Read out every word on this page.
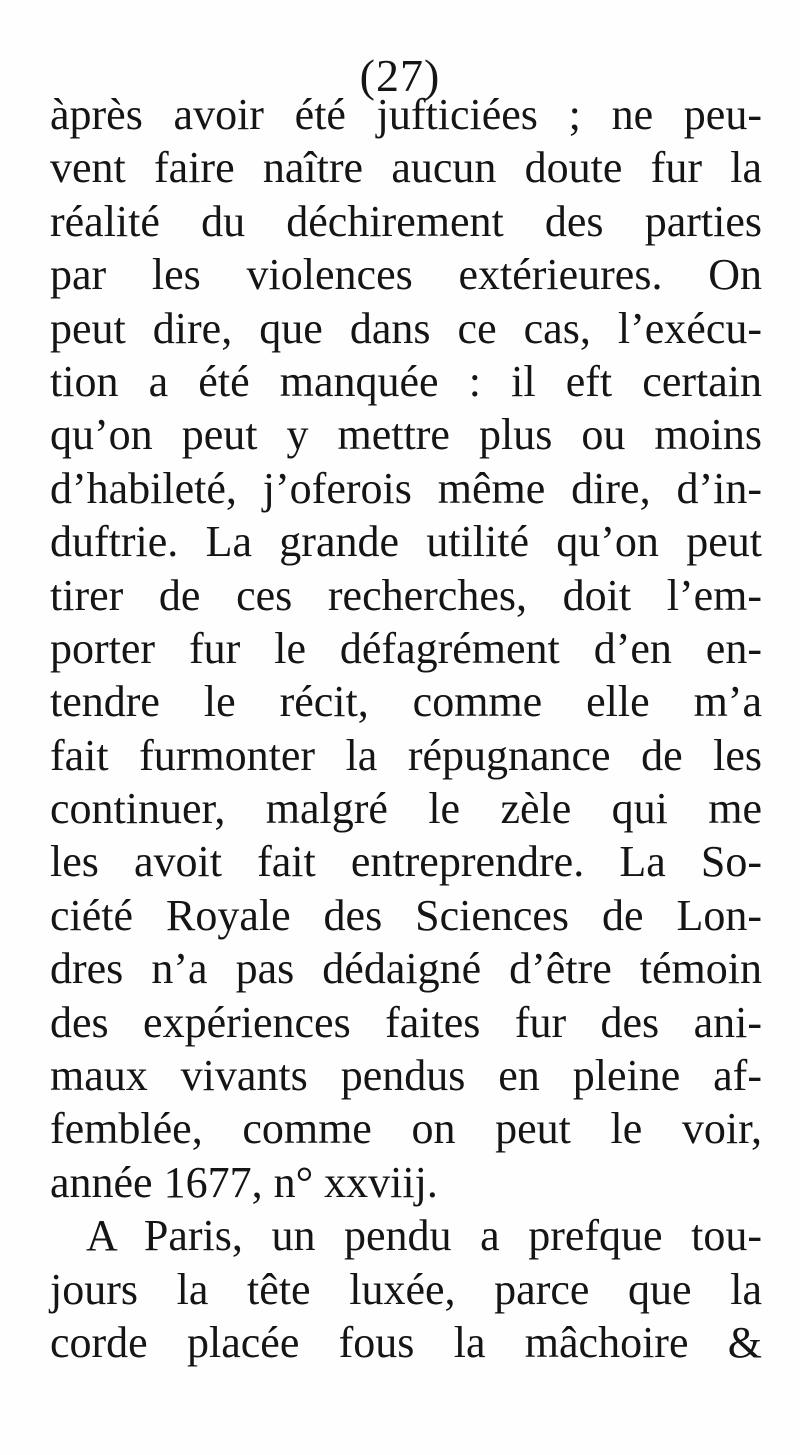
(27)
àprès avoir été jufticiées ; ne peu-
vent faire naître aucun doute fur la
réalité du déchirement des parties
par les violences extérieures. On
peut dire, que dans ce cas, l’exécu-
tion a été manquée : il eft certain
qu’on peut y mettre plus ou moins
d’habileté, j’oferois même dire, d’in-
duftrie. La grande utilité qu’on peut
tirer de ces recherches, doit l’em-
porter fur le défagrément d’en en-
tendre le récit, comme elle m’a
fait furmonter la répugnance de les
continuer, malgré le zèle qui me
les avoit fait entreprendre. La So-
ciété Royale des Sciences de Lon-
dres n’a pas dédaigné d’être témoin
des expériences faites fur des ani-
maux vivants pendus en pleine af-
femblée, comme on peut le voir,
année 1677, n° xxviij.
A Paris, un pendu a prefque tou-
jours la tête luxée, parce que la
corde placée fous la mâchoire &
